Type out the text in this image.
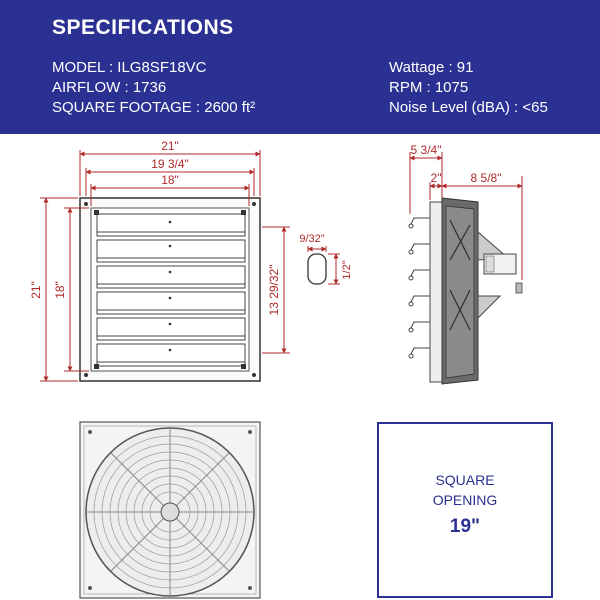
SPECIFICATIONS
MODEL : ILG8SF18VC
AIRFLOW : 1736
SQUARE FOOTAGE : 2600 ft²
Wattage : 91
RPM : 1075
Noise Level (dBA) : <65
21"
19 3/4"
18"
21" 18"	13 29/32"
9/32"
1/2"
5 3/4"
2" 8 5/8"
SQUARE
OPENING
19"
